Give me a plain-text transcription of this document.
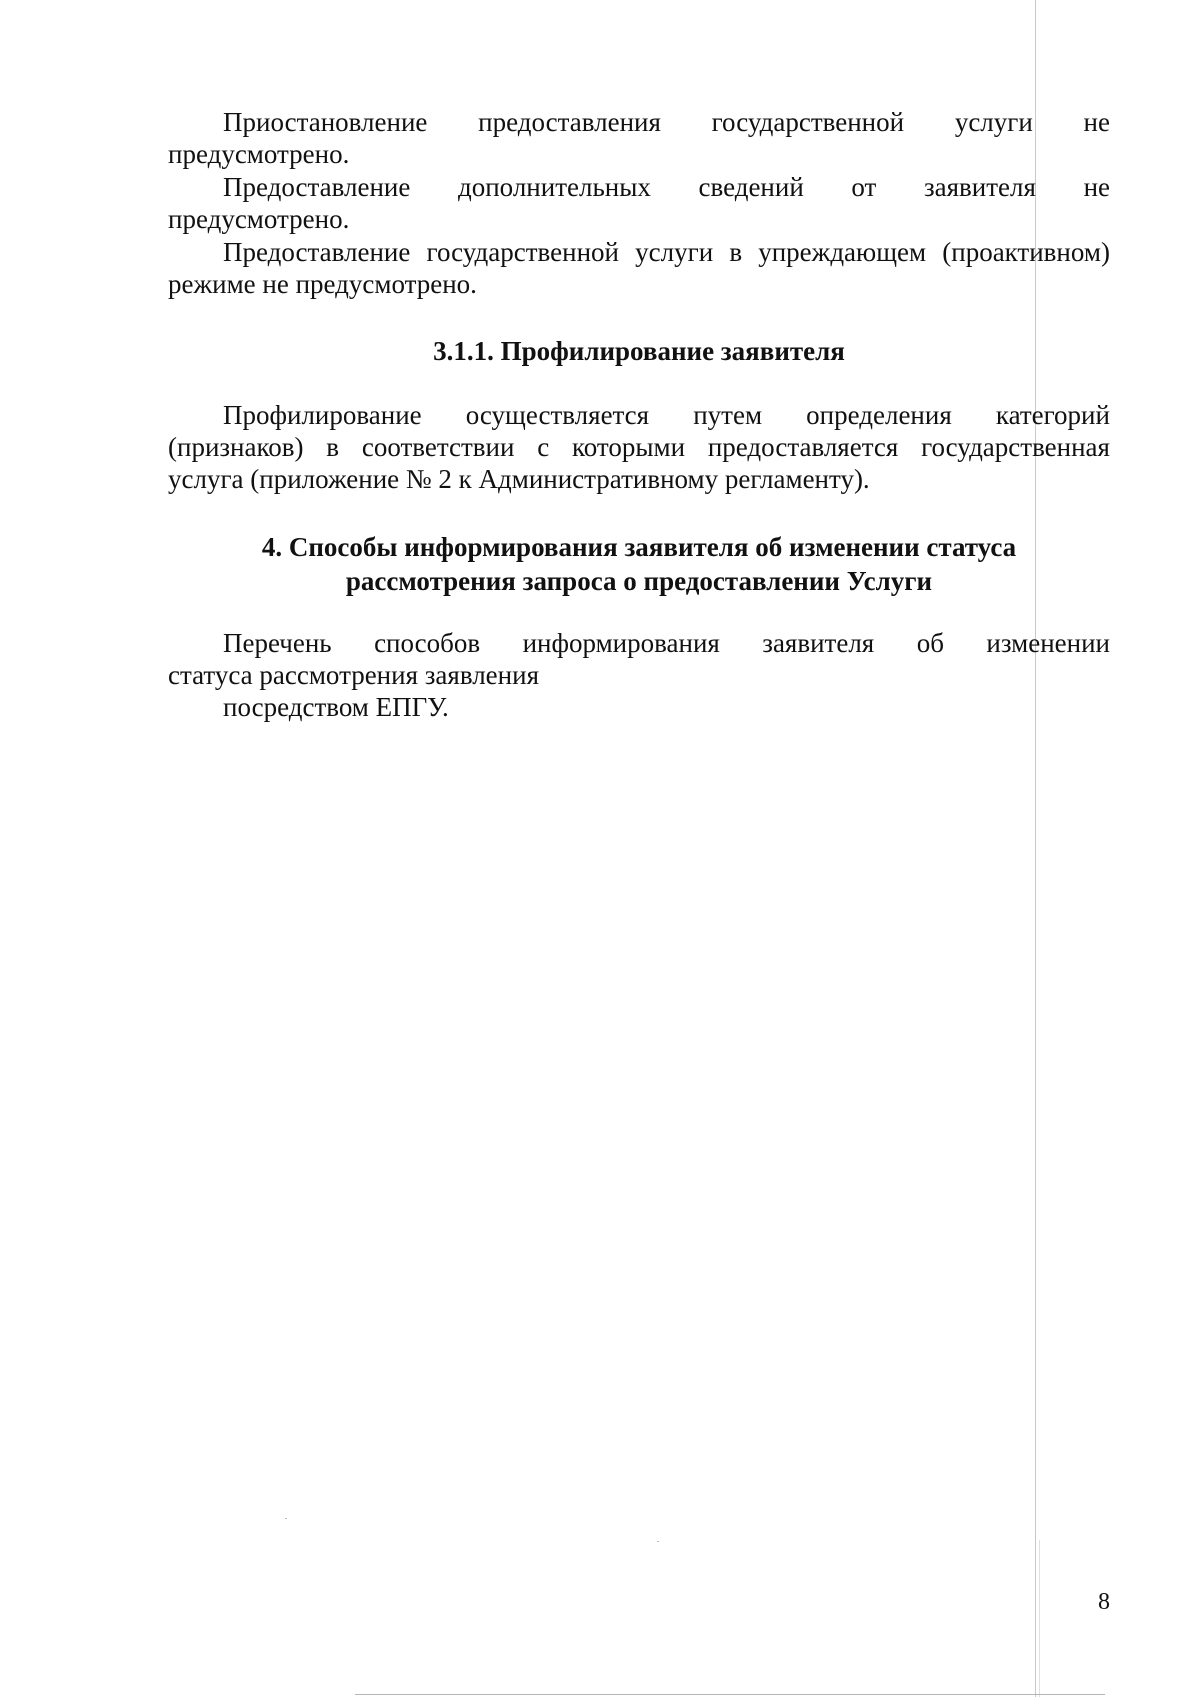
Приостановление предоставления государственной услуги не
предусмотрено.
Предоставление дополнительных сведений от заявителя не
предусмотрено.
Предоставление государственной услуги в упреждающем (проактивном)
режиме не предусмотрено.
3.1.1. Профилирование заявителя
Профилирование осуществляется путем определения категорий
(признаков) в соответствии с которыми предоставляется государственная
услуга (приложение № 2 к Административному регламенту).
4. Способы информирования заявителя об изменении статуса
рассмотрения запроса о предоставлении Услуги
Перечень способов информирования заявителя об изменении
статуса рассмотрения заявления
посредством ЕПГУ.
8
